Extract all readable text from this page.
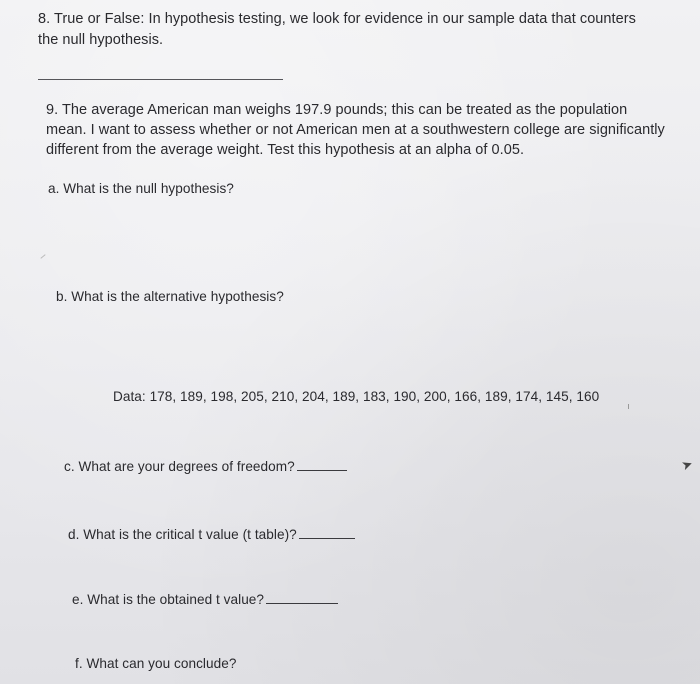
8. True or False: In hypothesis testing, we look for evidence in our sample data that counters
the null hypothesis.

9. The average American man weighs 197.9 pounds; this can be treated as the population
mean. I want to assess whether or not American men at a southwestern college are significantly
different from the average weight. Test this hypothesis at an alpha of 0.05.

a. What is the null hypothesis?

b. What is the alternative hypothesis?

Data: 178, 189, 198, 205, 210, 204, 189, 183, 190, 200, 166, 189, 174, 145, 160

c. What are your degrees of freedom?

d. What is the critical t value (t table)?

e. What is the obtained t value?

f. What can you conclude?

➤
